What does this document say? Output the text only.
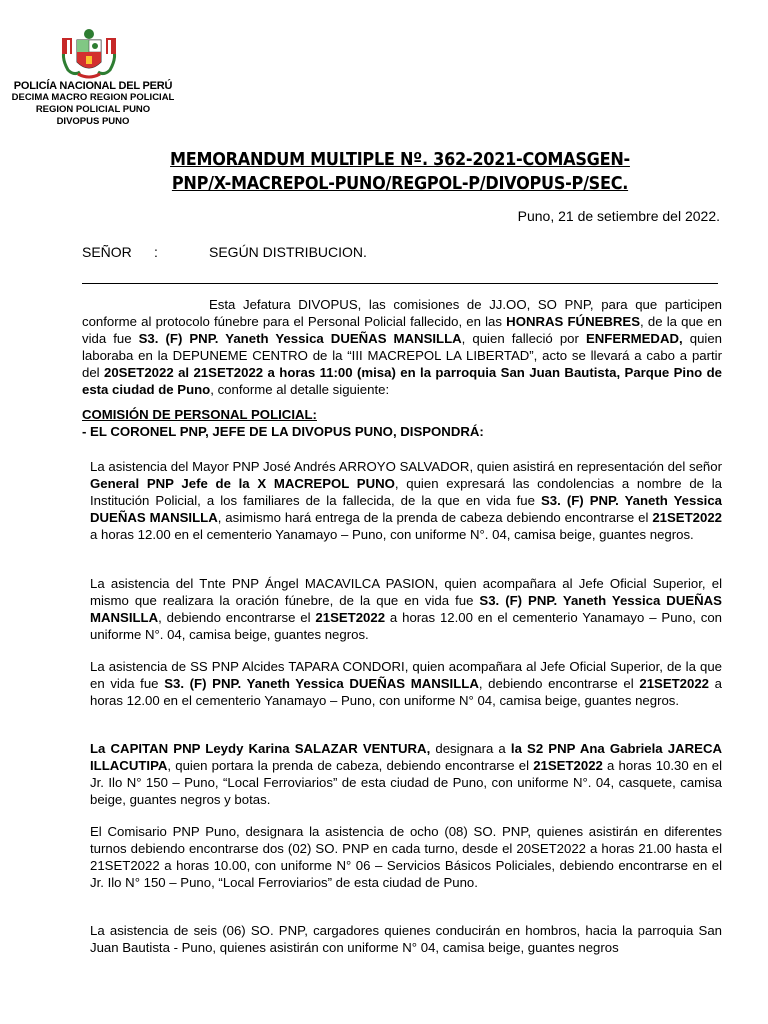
POLICÍA NACIONAL DEL PERÚ
DECIMA MACRO REGION POLICIAL
REGION POLICIAL PUNO
DIVOPUS PUNO
MEMORANDUM MULTIPLE Nº. 362-2021-COMASGEN-
PNP/X-MACREPOL-PUNO/REGPOL-P/DIVOPUS-P/SEC.
Puno, 21 de setiembre del 2022.
SEÑOR :	SEGÚN DISTRIBUCION.
Esta Jefatura DIVOPUS, las comisiones de JJ.OO, SO PNP, para que participen conforme al protocolo fúnebre para el Personal Policial fallecido, en las HONRAS FÚNEBRES, de la que en vida fue S3. (F) PNP. Yaneth Yessica DUEÑAS MANSILLA, quien falleció por ENFERMEDAD, quien laboraba en la DEPUNEME CENTRO de la “III MACREPOL LA LIBERTAD”, acto se llevará a cabo a partir del 20SET2022 al 21SET2022 a horas 11:00 (misa) en la parroquia San Juan Bautista, Parque Pino de esta ciudad de Puno, conforme al detalle siguiente:
COMISIÓN DE PERSONAL POLICIAL:
- EL CORONEL PNP, JEFE DE LA DIVOPUS PUNO, DISPONDRÁ:
La asistencia del Mayor PNP José Andrés ARROYO SALVADOR, quien asistirá en representación del señor General PNP Jefe de la X MACREPOL PUNO, quien expresará las condolencias a nombre de la Institución Policial, a los familiares de la fallecida, de la que en vida fue S3. (F) PNP. Yaneth Yessica DUEÑAS MANSILLA, asimismo hará entrega de la prenda de cabeza debiendo encontrarse el 21SET2022 a horas 12.00 en el cementerio Yanamayo – Puno, con uniforme N°. 04, camisa beige, guantes negros.
La asistencia del Tnte PNP Ángel MACAVILCA PASION, quien acompañara al Jefe Oficial Superior, el mismo que realizara la oración fúnebre, de la que en vida fue S3. (F) PNP. Yaneth Yessica DUEÑAS MANSILLA, debiendo encontrarse el 21SET2022 a horas 12.00 en el cementerio Yanamayo – Puno, con uniforme N°. 04, camisa beige, guantes negros.
La asistencia de SS PNP Alcides TAPARA CONDORI, quien acompañara al Jefe Oficial Superior, de la que en vida fue S3. (F) PNP. Yaneth Yessica DUEÑAS MANSILLA, debiendo encontrarse el 21SET2022 a horas 12.00 en el cementerio Yanamayo – Puno, con uniforme N° 04, camisa beige, guantes negros.
La CAPITAN PNP Leydy Karina SALAZAR VENTURA, designara a la S2 PNP Ana Gabriela JARECA ILLACUTIPA, quien portara la prenda de cabeza, debiendo encontrarse el 21SET2022 a horas 10.30 en el Jr. Ilo N° 150 – Puno, “Local Ferroviarios” de esta ciudad de Puno, con uniforme N°. 04, casquete, camisa beige, guantes negros y botas.
El Comisario PNP Puno, designara la asistencia de ocho (08) SO. PNP, quienes asistirán en diferentes turnos debiendo encontrarse dos (02) SO. PNP en cada turno, desde el 20SET2022 a horas 21.00 hasta el 21SET2022 a horas 10.00, con uniforme N° 06 – Servicios Básicos Policiales, debiendo encontrarse en el Jr. Ilo N° 150 – Puno, “Local Ferroviarios” de esta ciudad de Puno.
La asistencia de seis (06) SO. PNP, cargadores quienes conducirán en hombros, hacia la parroquia San Juan Bautista - Puno, quienes asistirán con uniforme N° 04, camisa beige, guantes negros
